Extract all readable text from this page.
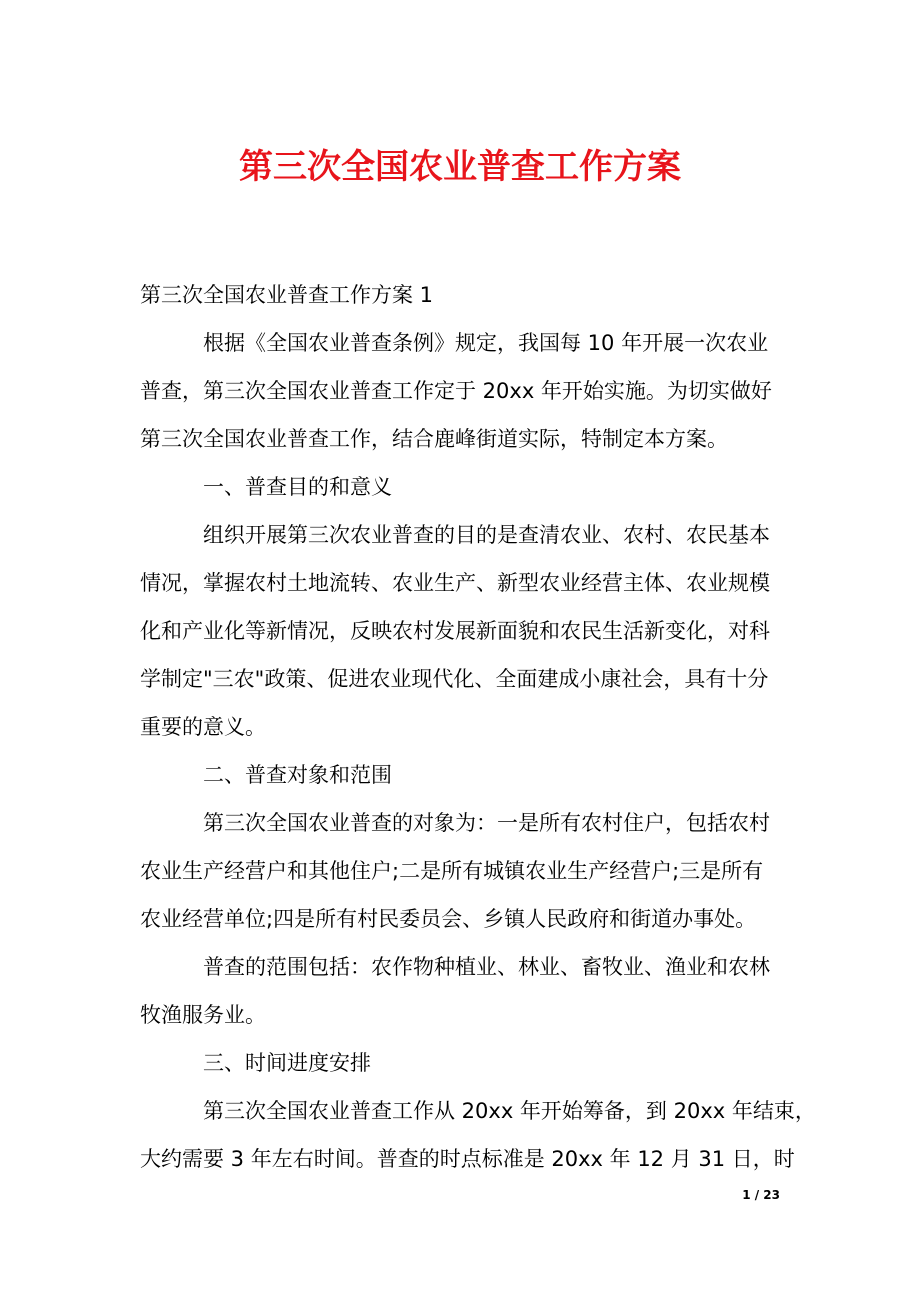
第三次全国农业普查工作方案
第三次全国农业普查工作方案 1
根据《全国农业普查条例》规定，我国每 10 年开展一次农业
普查，第三次全国农业普查工作定于 20xx 年开始实施。为切实做好
第三次全国农业普查工作，结合鹿峰街道实际，特制定本方案。
一、普查目的和意义
组织开展第三次农业普查的目的是查清农业、农村、农民基本
情况，掌握农村土地流转、农业生产、新型农业经营主体、农业规模
化和产业化等新情况，反映农村发展新面貌和农民生活新变化，对科
学制定"三农"政策、促进农业现代化、全面建成小康社会，具有十分
重要的意义。
二、普查对象和范围
第三次全国农业普查的对象为：一是所有农村住户，包括农村
农业生产经营户和其他住户;二是所有城镇农业生产经营户;三是所有
农业经营单位;四是所有村民委员会、乡镇人民政府和街道办事处。
普查的范围包括：农作物种植业、林业、畜牧业、渔业和农林
牧渔服务业。
三、时间进度安排
第三次全国农业普查工作从 20xx 年开始筹备，到 20xx 年结束，
大约需要 3 年左右时间。普查的时点标准是 20xx 年 12 月 31 日，时
1 / 23
